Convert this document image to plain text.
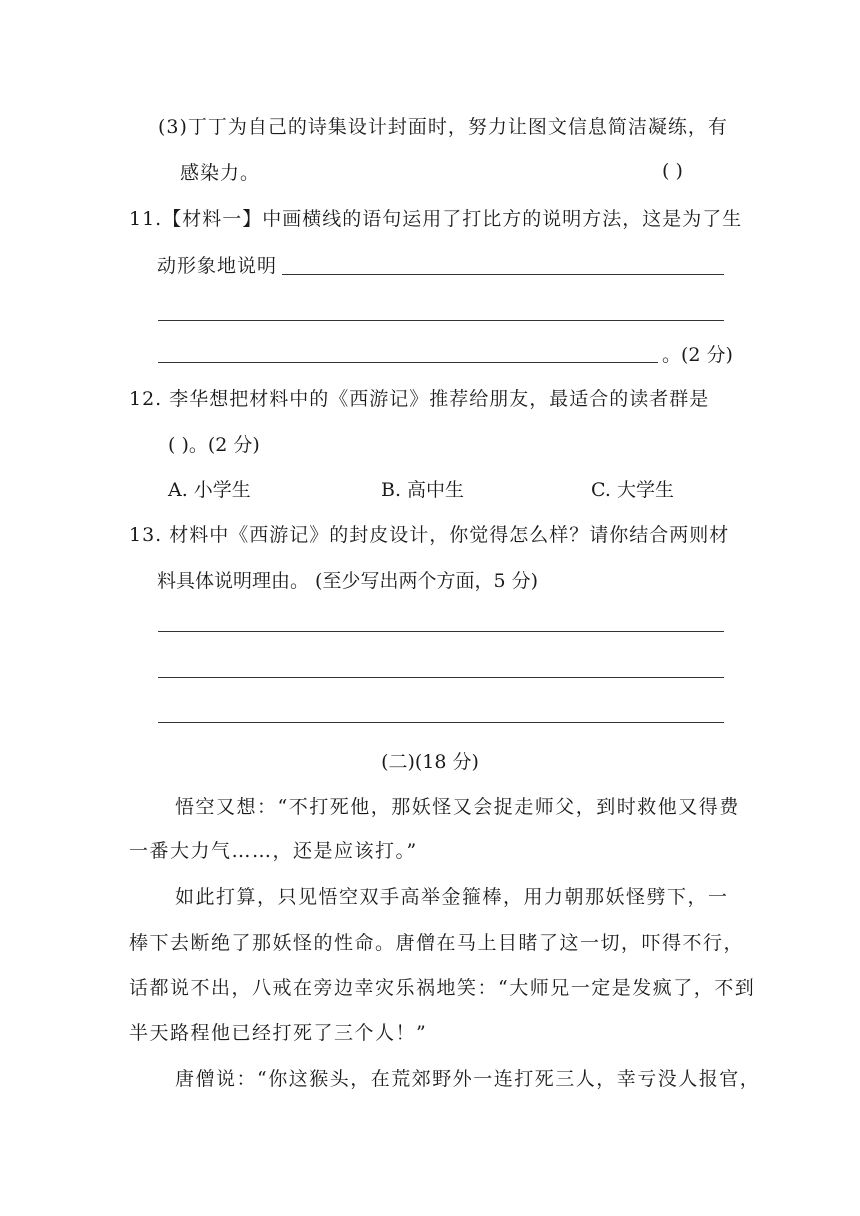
(3)丁丁为自己的诗集设计封面时，努力让图文信息简洁凝练，有
感染力。	( )
11.【材料一】中画横线的语句运用了打比方的说明方法，这是为了生
动形象地说明
。(2 分)
12. 李华想把材料中的《西游记》推荐给朋友，最适合的读者群是
( )。(2 分)
A. 小学生	B. 高中生	C. 大学生
13. 材料中《西游记》的封皮设计，你觉得怎么样？请你结合两则材
料具体说明理由。 (至少写出两个方面，5 分)
(二)(18 分)
悟空又想：“不打死他，那妖怪又会捉走师父，到时救他又得费
一番大力气……，还是应该打。”
如此打算，只见悟空双手高举金箍棒，用力朝那妖怪劈下，一
棒下去断绝了那妖怪的性命。唐僧在马上目睹了这一切，吓得不行，
话都说不出，八戒在旁边幸灾乐祸地笑：“大师兄一定是发疯了，不到
半天路程他已经打死了三个人！”
唐僧说：“你这猴头，在荒郊野外一连打死三人，幸亏没人报官，
